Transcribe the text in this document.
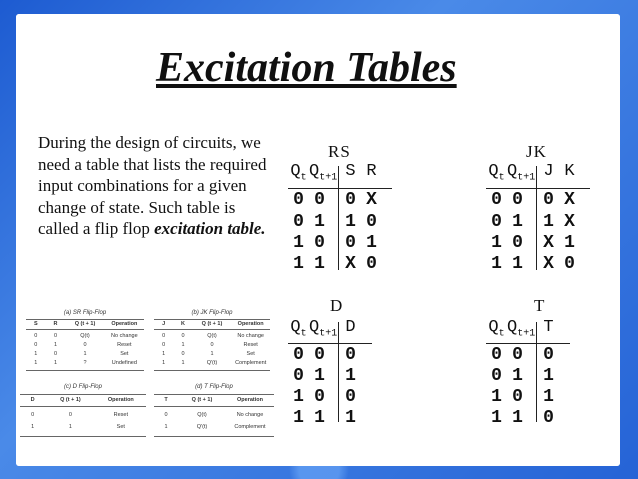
Excitation Tables
During the design of circuits, we need a table that lists the required input combinations for a given change of state. Such table is called a flip flop excitation table.
RS
$Q_t$ $Q_{t+1}$ S R
0 0 0 X
0 1 1 0
1 0 0 1
1 1 X 0
JK
$Q_t$ $Q_{t+1}$ J K
0 0 0 X
0 1 1 X
1 0 X 1
1 1 X 0
D
$Q_t$ $Q_{t+1}$ D
0 0 0
0 1 1
1 0 0
1 1 1
T
$Q_t$ $Q_{t+1}$ T
0 0 0
0 1 1
1 0 1
1 1 0
(a) SR Flip-Flop
S	R	Q (t + 1)	Operation
0	0	Q(t)	No change
0	1	0	Reset
1	0	1	Set
1	1	?	Undefined
(b) JK Flip-Flop
J	K	Q (t + 1)	Operation
0	0	Q(t)	No change
0	1	0	Reset
1	0	1	Set
1	1	Q'(t)	Complement
(c) D Flip-Flop
D	Q (t + 1)	Operation
0	0	Reset
1	1	Set
(d) T Flip-Flop
T	Q (t + 1)	Operation
0	Q(t)	No change
1	Q'(t)	Complement
